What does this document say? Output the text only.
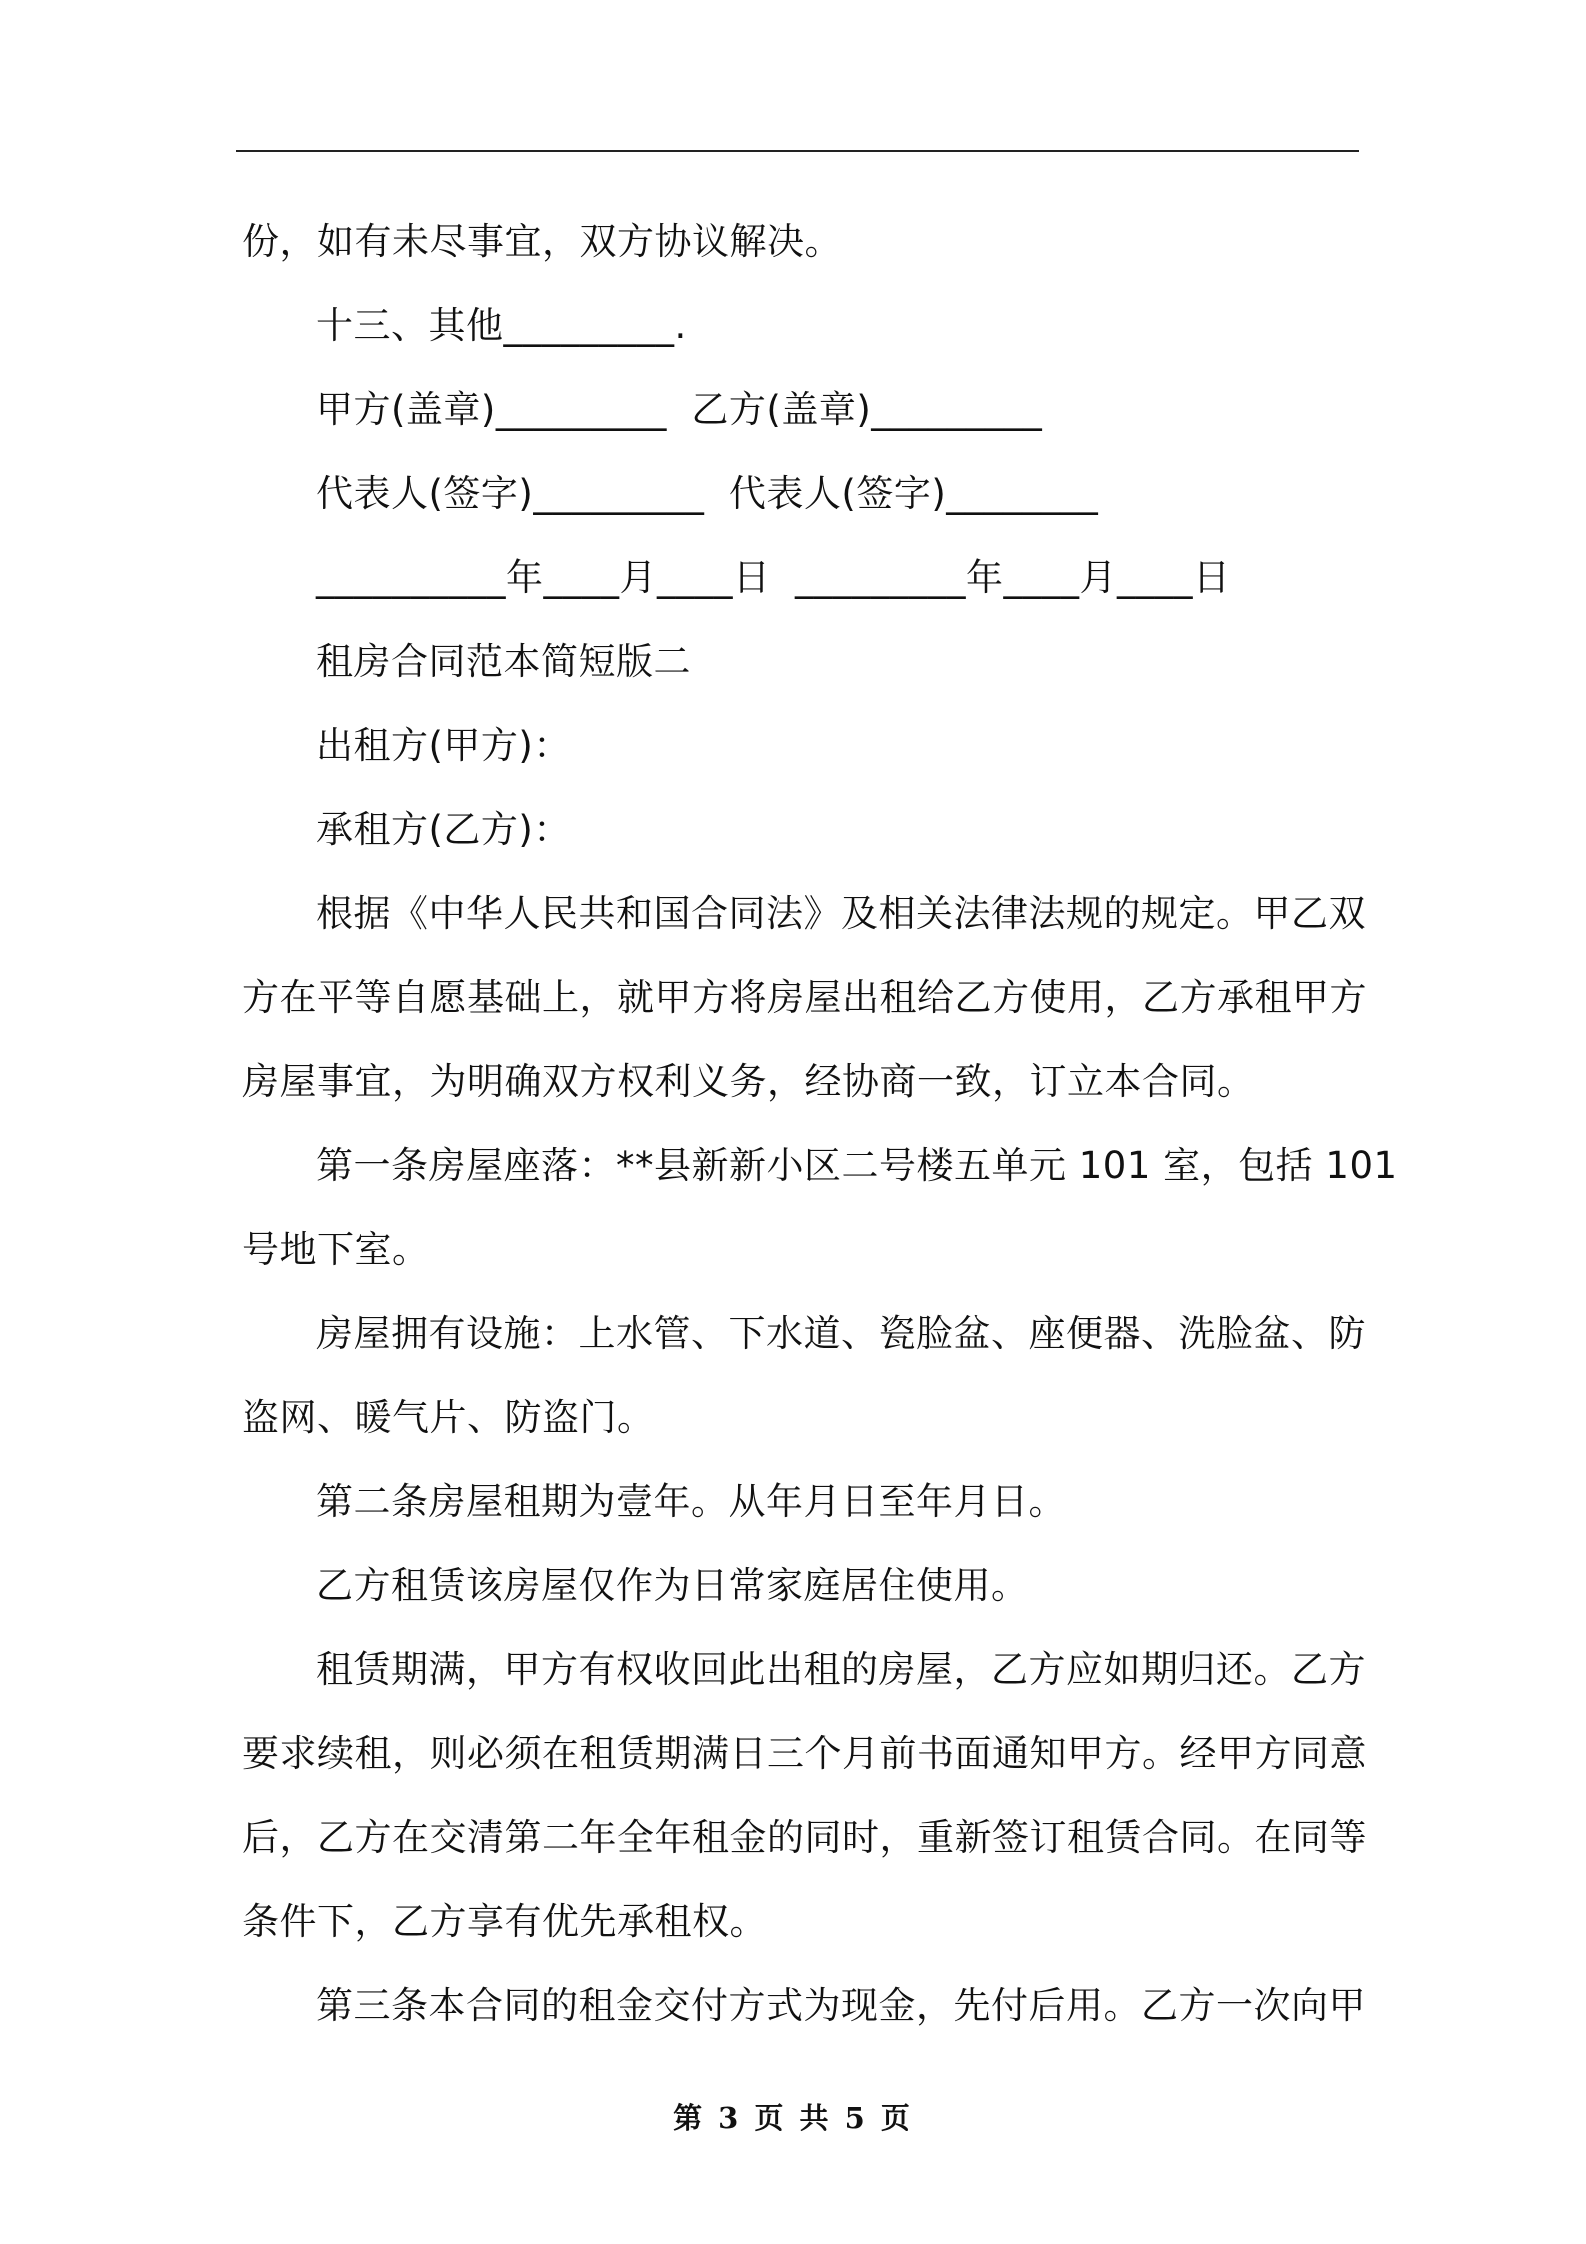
份，如有未尽事宜，双方协议解决。
十三、其他_________.
甲方(盖章)_________  乙方(盖章)_________
代表人(签字)_________  代表人(签字)________
__________年____月____日  _________年____月____日
租房合同范本简短版二
出租方(甲方)：
承租方(乙方)：
根据《中华人民共和国合同法》及相关法律法规的规定。甲乙双
方在平等自愿基础上，就甲方将房屋出租给乙方使用，乙方承租甲方
房屋事宜，为明确双方权利义务，经协商一致，订立本合同。
第一条房屋座落：**县新新小区二号楼五单元 101 室，包括 101
号地下室。
房屋拥有设施：上水管、下水道、瓷脸盆、座便器、洗脸盆、防
盗网、暖气片、防盗门。
第二条房屋租期为壹年。从年月日至年月日。
乙方租赁该房屋仅作为日常家庭居住使用。
租赁期满，甲方有权收回此出租的房屋，乙方应如期归还。乙方
要求续租，则必须在租赁期满日三个月前书面通知甲方。经甲方同意
后，乙方在交清第二年全年租金的同时，重新签订租赁合同。在同等
条件下，乙方享有优先承租权。
第三条本合同的租金交付方式为现金，先付后用。乙方一次向甲
第 3 页 共 5 页
